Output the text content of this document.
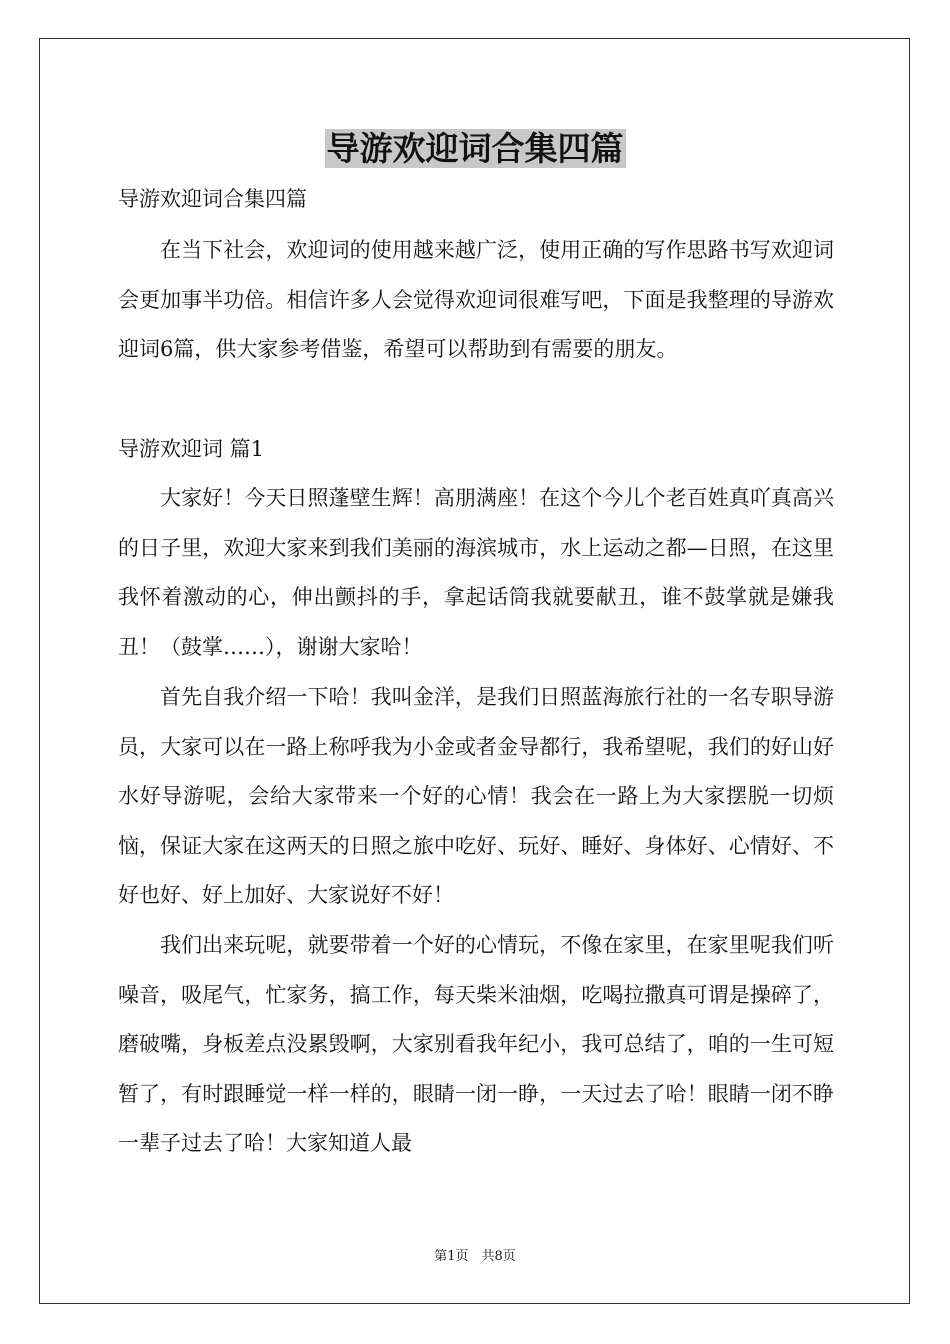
导游欢迎词合集四篇
导游欢迎词合集四篇

在当下社会，欢迎词的使用越来越广泛，使用正确的写作思路书写欢迎词会更加事半功倍。相信许多人会觉得欢迎词很难写吧，下面是我整理的导游欢迎词6篇，供大家参考借鉴，希望可以帮助到有需要的朋友。

导游欢迎词 篇1

大家好！今天日照蓬壁生辉！高朋满座！在这个今儿个老百姓真吖真高兴的日子里，欢迎大家来到我们美丽的海滨城市，水上运动之都—日照，在这里我怀着激动的心，伸出颤抖的手，拿起话筒我就要献丑，谁不鼓掌就是嫌我丑！（鼓掌……），谢谢大家哈！

首先自我介绍一下哈！我叫金洋，是我们日照蓝海旅行社的一名专职导游员，大家可以在一路上称呼我为小金或者金导都行，我希望呢，我们的好山好水好导游呢，会给大家带来一个好的心情！我会在一路上为大家摆脱一切烦恼，保证大家在这两天的日照之旅中吃好、玩好、睡好、身体好、心情好、不好也好、好上加好、大家说好不好！

我们出来玩呢，就要带着一个好的心情玩，不像在家里，在家里呢我们听噪音，吸尾气，忙家务，搞工作，每天柴米油烟，吃喝拉撒真可谓是操碎了，磨破嘴，身板差点没累毁啊，大家别看我年纪小，我可总结了，咱的一生可短暂了，有时跟睡觉一样一样的，眼睛一闭一睁，一天过去了哈！眼睛一闭不睁一辈子过去了哈！大家知道人最

第1页　共8页
